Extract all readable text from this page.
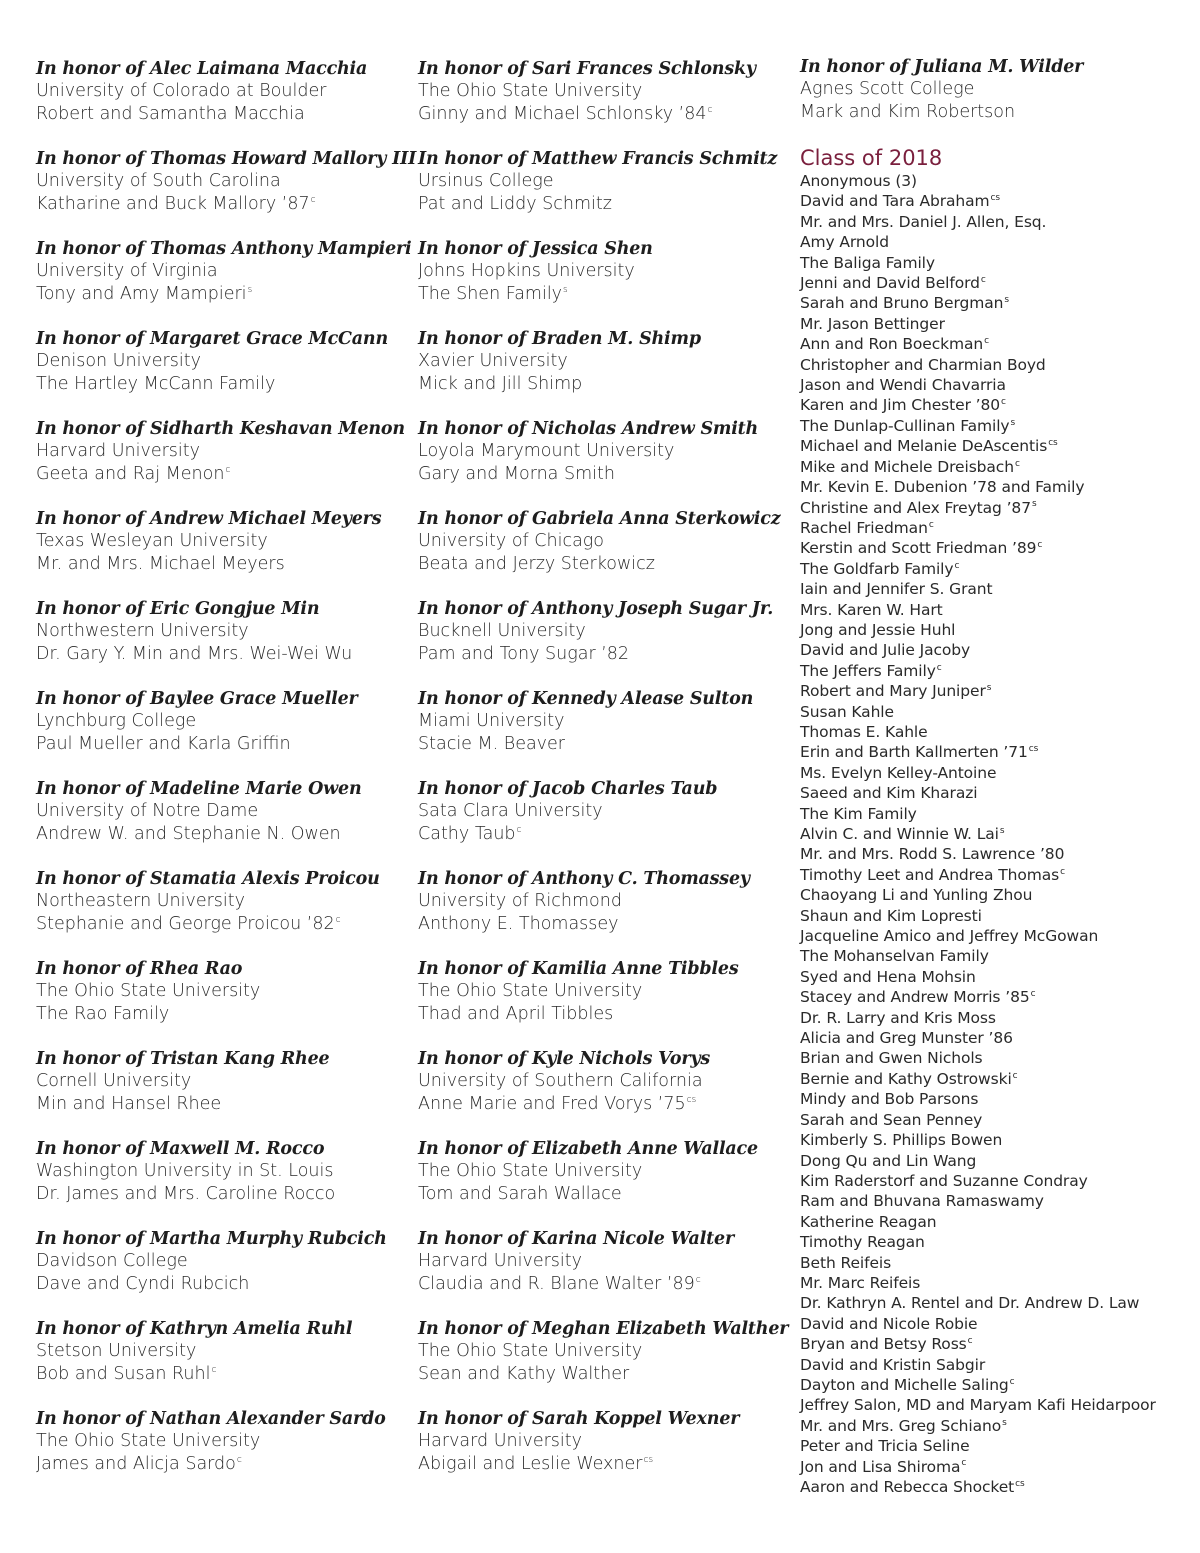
In honor of Alec Laimana Macchia
University of Colorado at Boulder
Robert and Samantha Macchia
In honor of Thomas Howard Mallory III
University of South Carolina
Katharine and Buck Mallory ’87$^c$
In honor of Thomas Anthony Mampieri
University of Virginia
Tony and Amy Mampieri$^s$
In honor of Margaret Grace McCann
Denison University
The Hartley McCann Family
In honor of Sidharth Keshavan Menon
Harvard University
Geeta and Raj Menon$^c$
In honor of Andrew Michael Meyers
Texas Wesleyan University
Mr. and Mrs. Michael Meyers
In honor of Eric Gongjue Min
Northwestern University
Dr. Gary Y. Min and Mrs. Wei-Wei Wu
In honor of Baylee Grace Mueller
Lynchburg College
Paul Mueller and Karla Griffin
In honor of Madeline Marie Owen
University of Notre Dame
Andrew W. and Stephanie N. Owen
In honor of Stamatia Alexis Proicou
Northeastern University
Stephanie and George Proicou ’82$^c$
In honor of Rhea Rao
The Ohio State University
The Rao Family
In honor of Tristan Kang Rhee
Cornell University
Min and Hansel Rhee
In honor of Maxwell M. Rocco
Washington University in St. Louis
Dr. James and Mrs. Caroline Rocco
In honor of Martha Murphy Rubcich
Davidson College
Dave and Cyndi Rubcich
In honor of Kathryn Amelia Ruhl
Stetson University
Bob and Susan Ruhl$^c$
In honor of Nathan Alexander Sardo
The Ohio State University
James and Alicja Sardo$^c$
In honor of Sari Frances Schlonsky
The Ohio State University
Ginny and Michael Schlonsky ’84$^c$
In honor of Matthew Francis Schmitz
Ursinus College
Pat and Liddy Schmitz
In honor of Jessica Shen
Johns Hopkins University
The Shen Family$^s$
In honor of Braden M. Shimp
Xavier University
Mick and Jill Shimp
In honor of Nicholas Andrew Smith
Loyola Marymount University
Gary and Morna Smith
In honor of Gabriela Anna Sterkowicz
University of Chicago
Beata and Jerzy Sterkowicz
In honor of Anthony Joseph Sugar Jr.
Bucknell University
Pam and Tony Sugar ’82
In honor of Kennedy Alease Sulton
Miami University
Stacie M. Beaver
In honor of Jacob Charles Taub
Sata Clara University
Cathy Taub$^c$
In honor of Anthony C. Thomassey
University of Richmond
Anthony E. Thomassey
In honor of Kamilia Anne Tibbles
The Ohio State University
Thad and April Tibbles
In honor of Kyle Nichols Vorys
University of Southern California
Anne Marie and Fred Vorys $’75^{cs}$
In honor of Elizabeth Anne Wallace
The Ohio State University
Tom and Sarah Wallace
In honor of Karina Nicole Walter
Harvard University
Claudia and R. Blane Walter ’89$^c$
In honor of Meghan Elizabeth Walther
The Ohio State University
Sean and Kathy Walther
In honor of Sarah Koppel Wexner
Harvard University
Abigail and Leslie Wexner$^{cs}$
In honor of Juliana M. Wilder
Agnes Scott College
Mark and Kim Robertson
Class of 2018
Anonymous (3)
David and Tara Abraham$^{cs}$
Mr. and Mrs. Daniel J. Allen, Esq.
Amy Arnold
The Baliga Family
Jenni and David Belford$^c$
Sarah and Bruno Bergman$^s$
Mr. Jason Bettinger
Ann and Ron Boeckman$^c$
Christopher and Charmian Boyd
Jason and Wendi Chavarria
Karen and Jim Chester ’80$^c$
The Dunlap-Cullinan Family$^s$
Michael and Melanie DeAscentis$^{cs}$
Mike and Michele Dreisbach$^c$
Mr. Kevin E. Dubenion ’78 and Family
Christine and Alex Freytag ’87$^s$
Rachel Friedman$^c$
Kerstin and Scott Friedman ’89$^c$
The Goldfarb Family$^c$
Iain and Jennifer S. Grant
Mrs. Karen W. Hart
Jong and Jessie Huhl
David and Julie Jacoby
The Jeffers Family$^c$
Robert and Mary Juniper$^s$
Susan Kahle
Thomas E. Kahle
Erin and Barth Kallmerten $’71^{cs}$
Ms. Evelyn Kelley-Antoine
Saeed and Kim Kharazi
The Kim Family
Alvin C. and Winnie W. Lai$^s$
Mr. and Mrs. Rodd S. Lawrence ’80
Timothy Leet and Andrea Thomas$^c$
Chaoyang Li and Yunling Zhou
Shaun and Kim Lopresti
Jacqueline Amico and Jeffrey McGowan
The Mohanselvan Family
Syed and Hena Mohsin
Stacey and Andrew Morris ’85$^c$
Dr. R. Larry and Kris Moss
Alicia and Greg Munster ’86
Brian and Gwen Nichols
Bernie and Kathy Ostrowski$^c$
Mindy and Bob Parsons
Sarah and Sean Penney
Kimberly S. Phillips Bowen
Dong Qu and Lin Wang
Kim Raderstorf and Suzanne Condray
Ram and Bhuvana Ramaswamy
Katherine Reagan
Timothy Reagan
Beth Reifeis
Mr. Marc Reifeis
Dr. Kathryn A. Rentel and Dr. Andrew D. Law
David and Nicole Robie
Bryan and Betsy Ross$^c$
David and Kristin Sabgir
Dayton and Michelle Saling$^c$
Jeffrey Salon, MD and Maryam Kafi Heidarpoor
Mr. and Mrs. Greg Schiano$^s$
Peter and Tricia Seline
Jon and Lisa Shiroma$^c$
Aaron and Rebecca Shocket$^{cs}$
